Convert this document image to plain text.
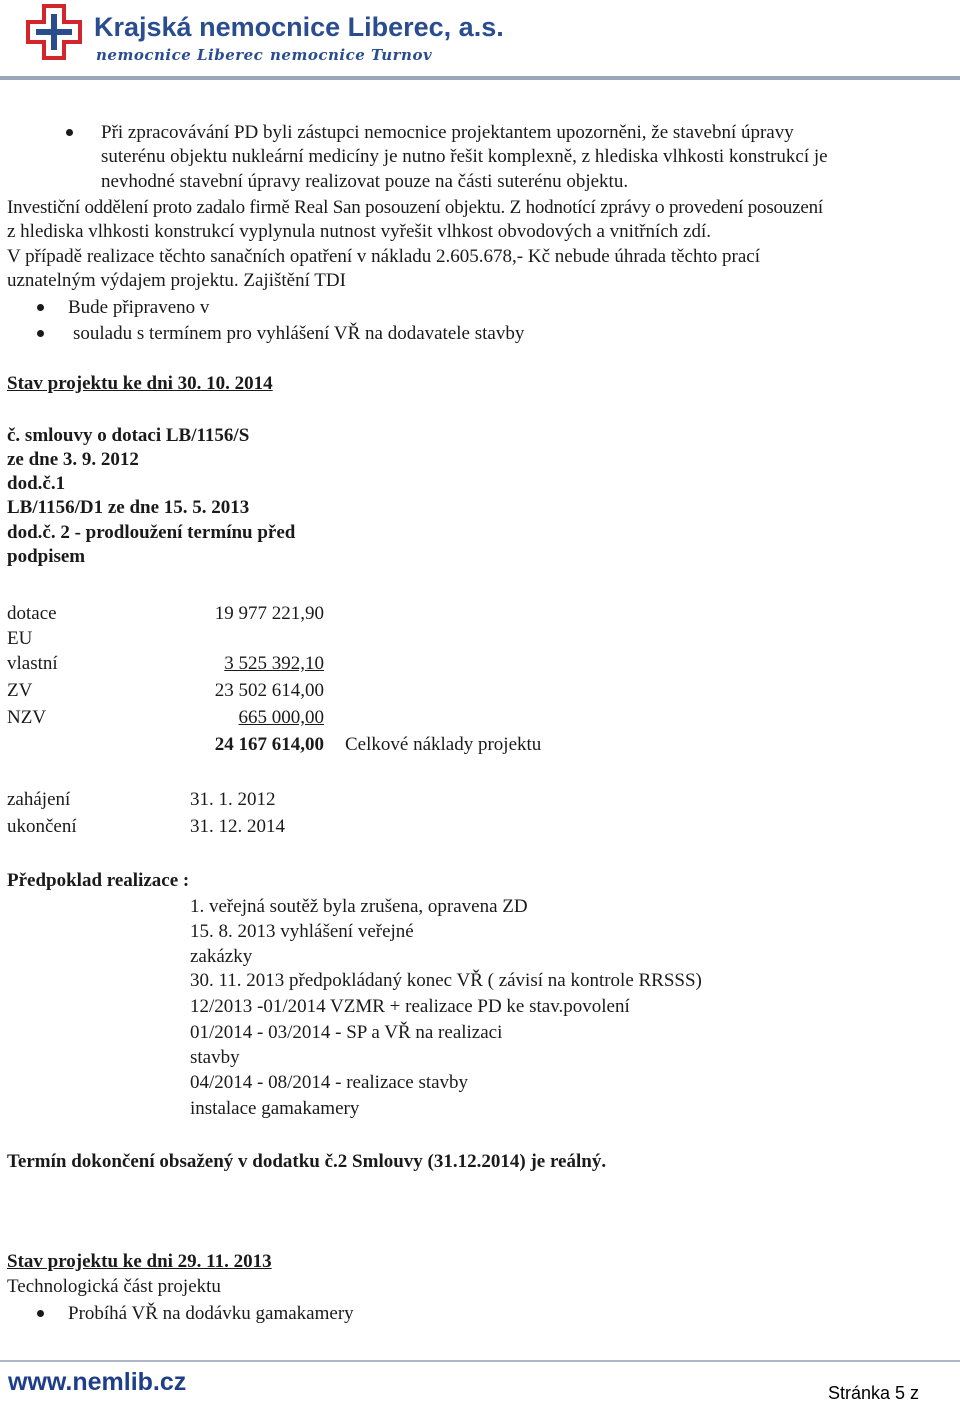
Krajská nemocnice Liberec, a.s.
nemocnice Liberec nemocnice Turnov
Při zpracovávání PD byli zástupci nemocnice projektantem upozorněni, že stavební úpravy
suterénu objektu nukleární medicíny je nutno řešit komplexně, z hlediska vlhkosti konstrukcí je
nevhodné stavební úpravy realizovat pouze na části suterénu objektu.
Investiční oddělení proto zadalo firmě Real San posouzení objektu. Z hodnotící zprávy o provedení posouzení
z hlediska vlhkosti konstrukcí vyplynula nutnost vyřešit vlhkost obvodových a vnitřních zdí.
V případě realizace těchto sanačních opatření v nákladu 2.605.678,- Kč nebude úhrada těchto prací
uznatelným výdajem projektu. Zajištění TDI
Bude připraveno v
souladu s termínem pro vyhlášení VŘ na dodavatele stavby
Stav projektu ke dni 30. 10. 2014
č. smlouvy o dotaci LB/1156/S
ze dne 3. 9. 2012
dod.č.1
LB/1156/D1 ze dne 15. 5. 2013
dod.č. 2 - prodloužení termínu před
podpisem
dotace	19 977 221,90
EU
vlastní	3 525 392,10
ZV	23 502 614,00
NZV	665 000,00
24 167 614,00 Celkové náklady projektu
zahájení	31. 1. 2012
ukončení	31. 12. 2014
Předpoklad realizace :
1. veřejná soutěž byla zrušena, opravena ZD
15. 8. 2013 vyhlášení veřejné
zakázky
30. 11. 2013 předpokládaný konec VŘ ( závisí na kontrole RRSSS)
12/2013 -01/2014 VZMR + realizace PD ke stav.povolení
01/2014 - 03/2014 - SP a VŘ na realizaci
stavby
04/2014 - 08/2014 - realizace stavby
instalace gamakamery
Termín dokončení obsažený v dodatku č.2 Smlouvy (31.12.2014) je reálný.
Stav projektu ke dni 29. 11. 2013
Technologická část projektu
Probíhá VŘ na dodávku gamakamery
www.nemlib.cz	Stránka 5 z
